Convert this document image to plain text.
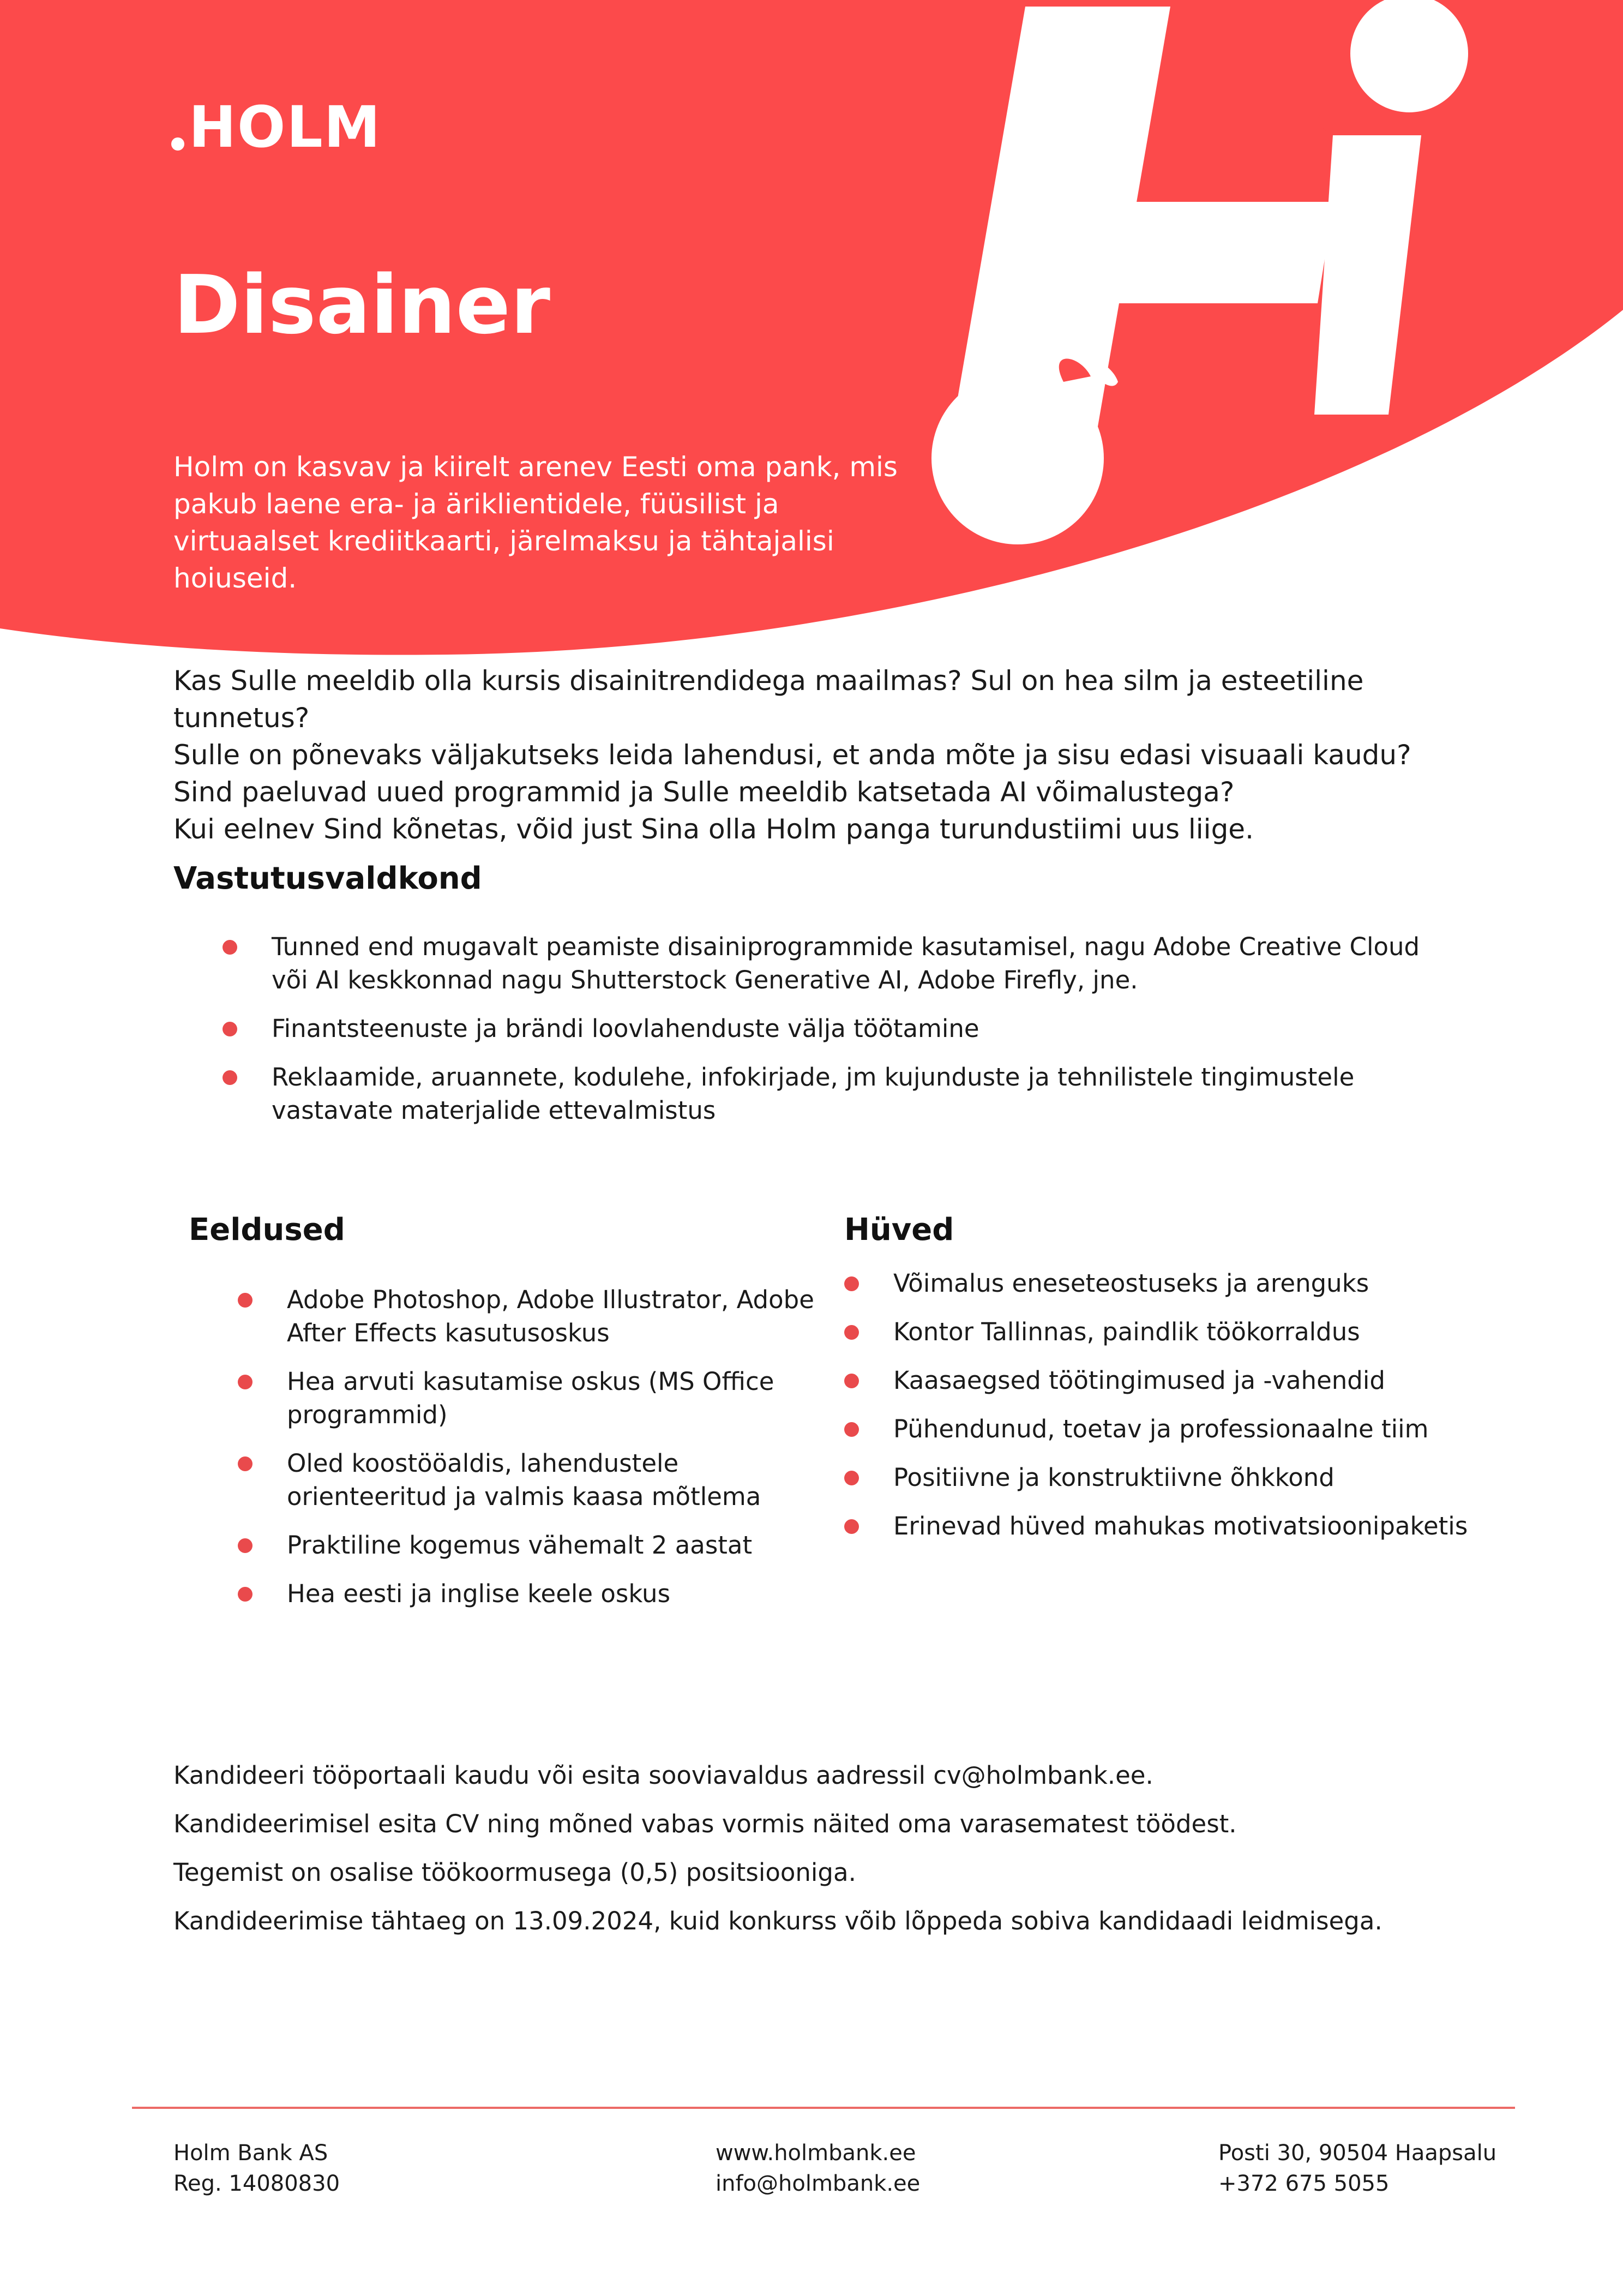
HOLM
Disainer

Holm on kasvav ja kiirelt arenev Eesti oma pank, mis pakub laene era- ja äriklientidele, füüsilist ja virtuaalset krediitkaarti, järelmaksu ja tähtajalisi hoiuseid.

Kas Sulle meeldib olla kursis disainitrendidega maailmas? Sul on hea silm ja esteetiline tunnetus?
Sulle on põnevaks väljakutseks leida lahendusi, et anda mõte ja sisu edasi visuaali kaudu?
Sind paeluvad uued programmid ja Sulle meeldib katsetada AI võimalustega?
Kui eelnev Sind kõnetas, võid just Sina olla Holm panga turundustiimi uus liige.
Vastutusvaldkond
Tunned end mugavalt peamiste disainiprogrammide kasutamisel, nagu Adobe Creative Cloud või AI keskkonnad nagu Shutterstock Generative AI, Adobe Firefly, jne.
Finantsteenuste ja brändi loovlahenduste välja töötamine
Reklaamide, aruannete, kodulehe, infokirjade, jm kujunduste ja tehnilistele tingimustele vastavate materjalide ettevalmistus
Eeldused
Adobe Photoshop, Adobe Illustrator, Adobe After Effects kasutusoskus
Hea arvuti kasutamise oskus (MS Office programmid)
Oled koostööaldis, lahendustele orienteeritud ja valmis kaasa mõtlema
Praktiline kogemus vähemalt 2 aastat
Hea eesti ja inglise keele oskus
Hüved
Võimalus eneseteostuseks ja arenguks
Kontor Tallinnas, paindlik töökorraldus
Kaasaegsed töötingimused ja -vahendid
Pühendunud, toetav ja professionaalne tiim
Positiivne ja konstruktiivne õhkkond
Erinevad hüved mahukas motivatsioonipaketis

Kandideeri tööportaali kaudu või esita sooviavaldus aadressil cv@holmbank.ee.

Kandideerimisel esita CV ning mõned vabas vormis näited oma varasematest töödest.

Tegemist on osalise töökoormusega (0,5) positsiooniga.

Kandideerimise tähtaeg on 13.09.2024, kuid konkurss võib lõppeda sobiva kandidaadi leidmisega.

Holm Bank AS

Reg. 14080830

www.holmbank.ee

info@holmbank.ee

Posti 30, 90504 Haapsalu

+372 675 5055
